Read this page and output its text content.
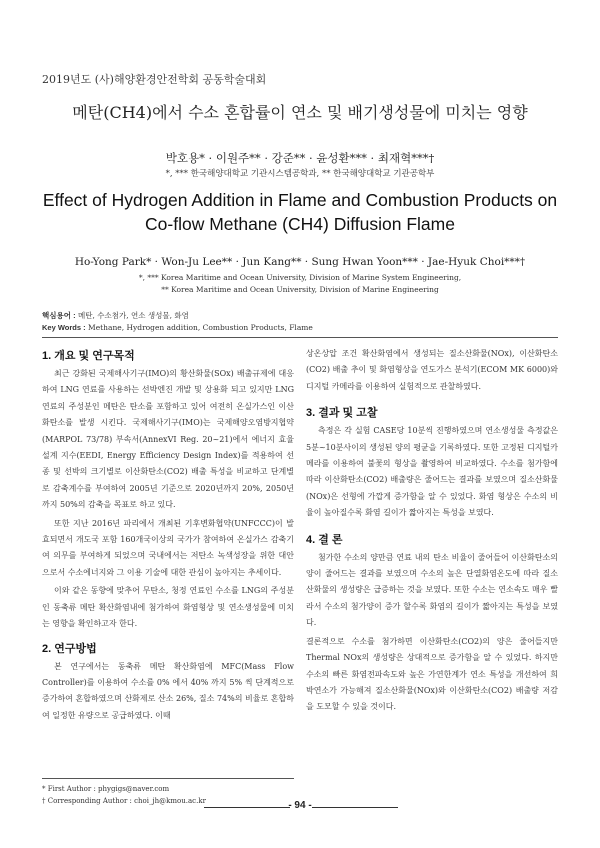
2019년도 (사)해양환경안전학회 공동학술대회
메탄(CH4)에서 수소 혼합률이 연소 및 배기생성물에 미치는 영향
박호용* · 이원주** · 강준** · 윤성환*** · 최재혁***†
*, *** 한국해양대학교 기관시스템공학과, ** 한국해양대학교 기관공학부
Effect of Hydrogen Addition in Flame and Combustion Products on Co-flow Methane (CH4) Diffusion Flame
Ho-Yong Park* · Won-Ju Lee** · Jun Kang** · Sung Hwan Yoon*** · Jae-Hyuk Choi***†
*, *** Korea Maritime and Ocean University, Division of Marine System Engineering,
** Korea Maritime and Ocean University, Division of Marine Engineering
핵심용어 : 메탄, 수소첨가, 연소 생성물, 화염
Key Words : Methane, Hydrogen addition, Combustion Products, Flame
1. 개요 및 연구목적

최근 강화된 국제해사기구(IMO)의 황산화물(SOx) 배출규제에 대응하여 LNG 연료를 사용하는 선박엔진 개발 및 상용화 되고 있지만 LNG 연료의 주성분인 메탄은 탄소를 포함하고 있어 여전히 온실가스인 이산화탄소를 발생 시킨다. 국제해사기구(IMO)는 국제해양오염방지협약(MARPOL 73/78) 부속서(AnnexVI Reg. 20~21)에서 에너지 효율 설계 지수(EEDI, Energy Efficiency Design Index)를 적용하여 선종 및 선박의 크기별로 이산화탄소(CO2) 배출 특성을 비교하고 단계별로 감축계수를 부여하여 2005년 기준으로 2020년까지 20%, 2050년까지 50%의 감축을 목표로 하고 있다.

또한 지난 2016년 파리에서 개최된 기후변화협약(UNFCCC)이 발효되면서 개도국 포함 160개국이상의 국가가 참여하여 온실가스 감축기여 의무를 부여하게 되었으며 국내에서는 저탄소 녹색성장을 위한 대안으로서 수소에너지와 그 이용 기술에 대한 관심이 높아지는 추세이다.

이와 같은 동향에 맞추어 무탄소, 청정 연료인 수소를 LNG의 주성분인 동축류 메탄 확산화염내에 첨가하여 화염형상 및 연소생성물에 미치는 영향을 확인하고자 한다.

2. 연구방법

본 연구에서는 동축류 메탄 확산화염에 MFC(Mass Flow Controller)를 이용하여 수소를 0% 에서 40% 까지 5% 씩 단계적으로 증가하여 혼합하였으며 산화제로 산소 26%, 질소 74%의 비율로 혼합하여 일정한 유량으로 공급하였다. 이때

상온상압 조건 확산화염에서 생성되는 질소산화물(NOx), 이산화탄소(CO2) 배출 추이 및 화염형상을 연도가스 분석기(ECOM MK 6000)와 디지털 카메라를 이용하여 실험적으로 관찰하였다.

3. 결과 및 고찰

측정은 각 실험 CASE당 10분씩 진행하였으며 연소생성물 측정값은 5분~10분사이의 생성된 양의 평균을 기록하였다. 또한 고정된 디지털카메라를 이용하여 불꽃의 형상을 촬영하여 비교하였다. 수소를 첨가함에 따라 이산화탄소(CO2) 배출량은 줄어드는 결과를 보였으며 질소산화물(NOx)은 선형에 가깝게 증가함을 알 수 있었다. 화염 형상은 수소의 비율이 높아질수록 화염 길이가 짧아지는 특성을 보였다.

4. 결 론

첨가한 수소의 양만큼 연료 내의 탄소 비율이 줄어들어 이산화탄소의 양이 줄어드는 결과를 보였으며 수소의 높은 단열화염온도에 따라 질소 산화물의 생성량은 급증하는 것을 보였다. 또한 수소는 연소속도 매우 빨라서 수소의 첨가양이 증가 할수록 화염의 길이가 짧아지는 특성을 보였다.

결론적으로 수소를 첨가하면 이산화탄소(CO2)의 양은 줄어들지만 Thermal NOx의 생성량은 상대적으로 증가함을 알 수 있었다. 하지만 수소의 빠른 화염전파속도와 높은 가연한계가 연소 특성을 개선하여 희박연소가 가능해져 질소산화물(NOx)와 이산화탄소(CO2) 배출량 저감을 도모할 수 있을 것이다.

* First Author : phygigs@naver.com
† Corresponding Author : choi_jh@kmou.ac.kr	- 94 -
